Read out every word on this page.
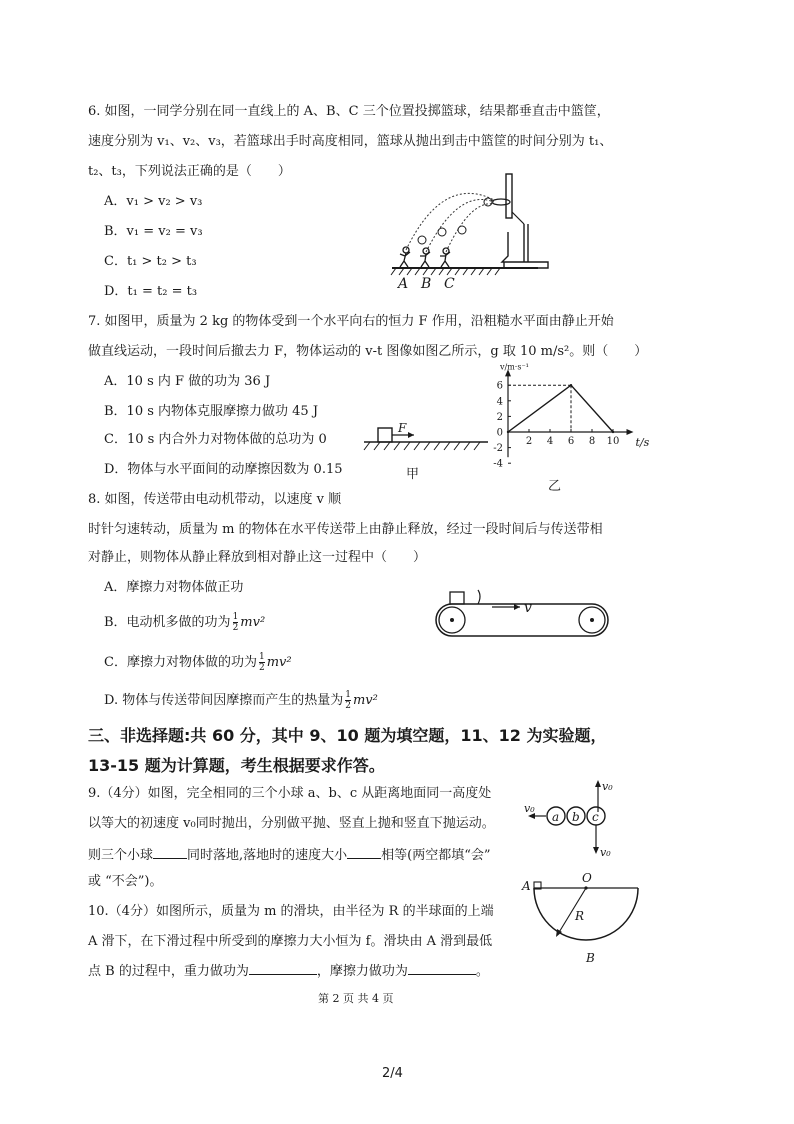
6. 如图，一同学分别在同一直线上的 A、B、C 三个位置投掷篮球，结果都垂直击中篮筐，
速度分别为 v₁、v₂、v₃，若篮球出手时高度相同，篮球从抛出到击中篮筐的时间分别为 t₁、
t₂、t₃，下列说法正确的是（　　）
A．v₁ > v₂ > v₃
B．v₁ = v₂ = v₃
C．t₁ > t₂ > t₃
D．t₁ = t₂ = t₃	A B C
7. 如图甲，质量为 2 kg 的物体受到一个水平向右的恒力 F 作用，沿粗糙水平面由静止开始
做直线运动，一段时间后撤去力 F，物体运动的 v-t 图像如图乙所示，g 取 10 m/s²。则（　　）
A．10 s 内 F 做的功为 36 J
B．10 s 内物体克服摩擦力做功 45 J
C．10 s 内合外力对物体做的总功为 0
D．物体与水平面间的动摩擦因数为 0.15
F
甲
v/m·s⁻¹
t/s
2 4 6 8 10
6
4
2
0
-2
-4
乙
8. 如图，传送带由电动机带动，以速度 v 顺
时针匀速转动，质量为 m 的物体在水平传送带上由静止释放，经过一段时间后与传送带相
对静止，则物体从静止释放到相对静止这一过程中（　　）
A．摩擦力对物体做正功
B．电动机多做的功为 $\frac{1}{2} mv^2$
C．摩擦力对物体做的功为 $\frac{1}{2} mv^2$
D. 物体与传送带间因摩擦而产生的热量为 $\frac{1}{2} mv^2$
v
三、非选择题:共 60 分，其中 9、10 题为填空题，11、12 为实验题，
13-15 题为计算题，考生根据要求作答。
9.（4分）如图，完全相同的三个小球 a、b、c 从距离地面同一高度处
以等大的初速度 v₀同时抛出，分别做平抛、竖直上抛和竖直下抛运动。
则三个小球	同时落地,落地时的速度大小	相等(两空都填“会”
或 “不会”)。
v₀
v₀
a b c
v₀
10.（4分）如图所示，质量为 m 的滑块，由半径为 R 的半球面的上端
A 滑下，在下滑过程中所受到的摩擦力大小恒为 f。滑块由 A 滑到最低
点 B 的过程中，重力做功为	，摩擦力做功为	。
A
O
R
B
第 2 页 共 4 页
2/4
